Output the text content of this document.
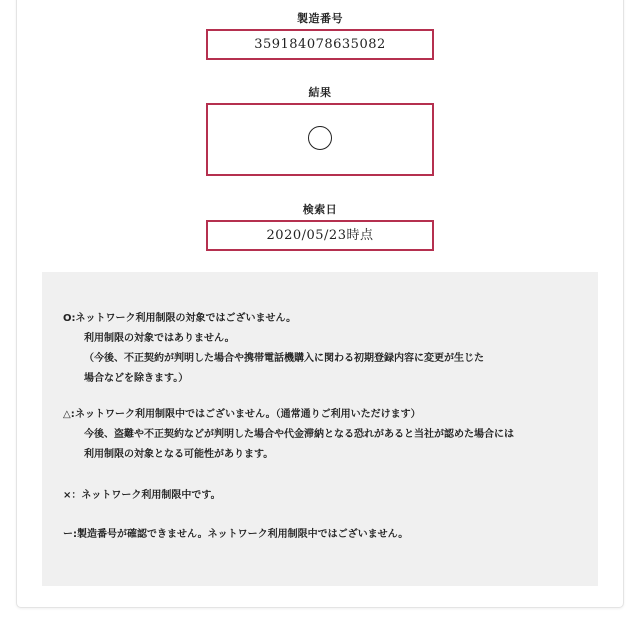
製造番号
359184078635082
結果
検索日
2020/05/23時点
O:ネットワーク利用制限の対象ではございません。
利用制限の対象ではありません。
（今後、不正契約が判明した場合や携帯電話機購入に関わる初期登録内容に変更が生じた
場合などを除きます。）
△:ネットワーク利用制限中ではございません。（通常通りご利用いただけます）
今後、盗難や不正契約などが判明した場合や代金滞納となる恐れがあると当社が認めた場合には
利用制限の対象となる可能性があります。
×：ネットワーク利用制限中です。
ー:製造番号が確認できません。ネットワーク利用制限中ではございません。
